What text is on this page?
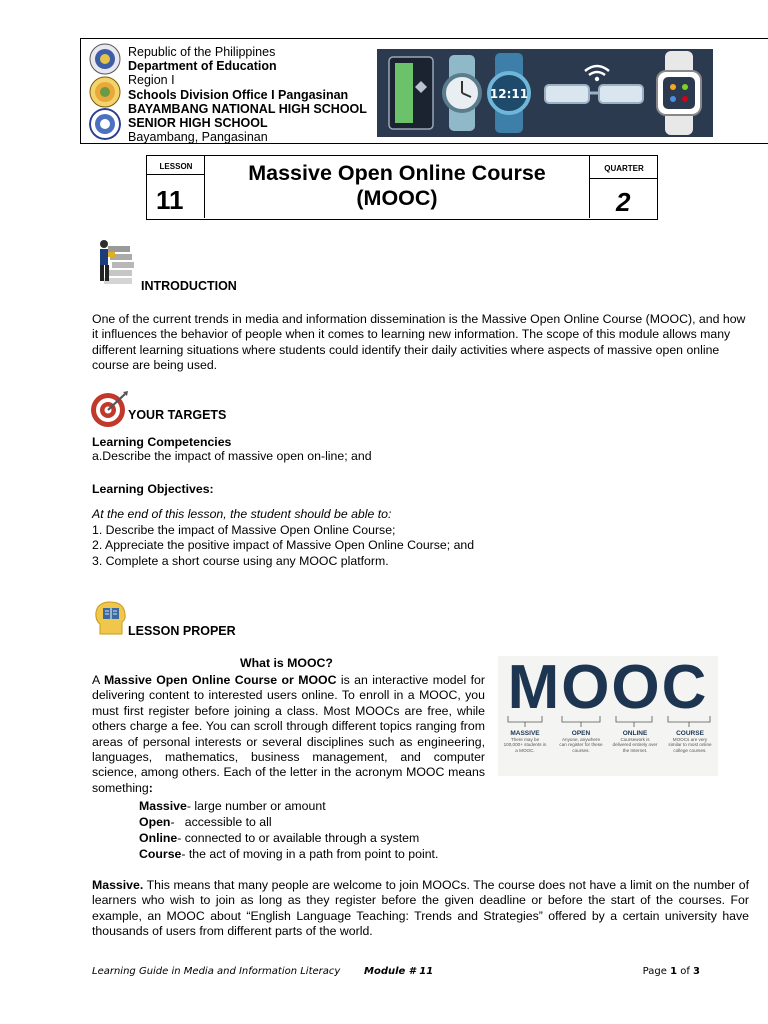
Republic of the Philippines
Department of Education
Region I
Schools Division Office I Pangasinan
BAYAMBANG NATIONAL HIGH SCHOOL
SENIOR HIGH SCHOOL
Bayambang, Pangasinan
12:11
LESSON
11
Massive Open Online Course
(MOOC)
QUARTER
2
INTRODUCTION
One of the current trends in media and information dissemination is the Massive Open Online Course (MOOC), and how it influences the behavior of people when it comes to learning new information. The scope of this module allows many different learning situations where students could identify their daily activities where aspects of massive open online course are being used.
YOUR TARGETS
Learning Competencies
a.Describe the impact of massive open on-line; and
Learning Objectives:
At the end of this lesson, the student should be able to:
1. Describe the impact of Massive Open Online Course;
2. Appreciate the positive impact of Massive Open Online Course; and
3. Complete a short course using any MOOC platform.
LESSON PROPER
What is MOOC?
A Massive Open Online Course or MOOC is an interactive model for delivering content to interested users online. To enroll in a MOOC, you must first register before joining a class. Most MOOCs are free, while others charge a fee. You can scroll through different topics ranging from areas of personal interests or several disciplines such as engineering, languages, mathematics, business management, and computer science, among others. Each of the letter in the acronym MOOC means something:
Massive- large number or amount
Open-   accessible to all
Online- connected to or available through a system
Course- the act of moving in a path from point to point.
MOOC
MASSIVE
There may be 100,000+ students in a MOOC.
OPEN
Anyone, anywhere can register for these courses.
ONLINE
Coursework is delivered entirely over the Internet.
COURSE
MOOCs are very similar to most online college courses.
Massive. This means that many people are welcome to join MOOCs. The course does not have a limit on the number of learners who wish to join as long as they register before the given deadline or before the start of the courses. For example, an MOOC about “English Language Teaching: Trends and Strategies” offered by a certain university have thousands of users from different parts of the world.
Learning Guide in Media and Information Literacy Module # 11	Page 1 of 3
